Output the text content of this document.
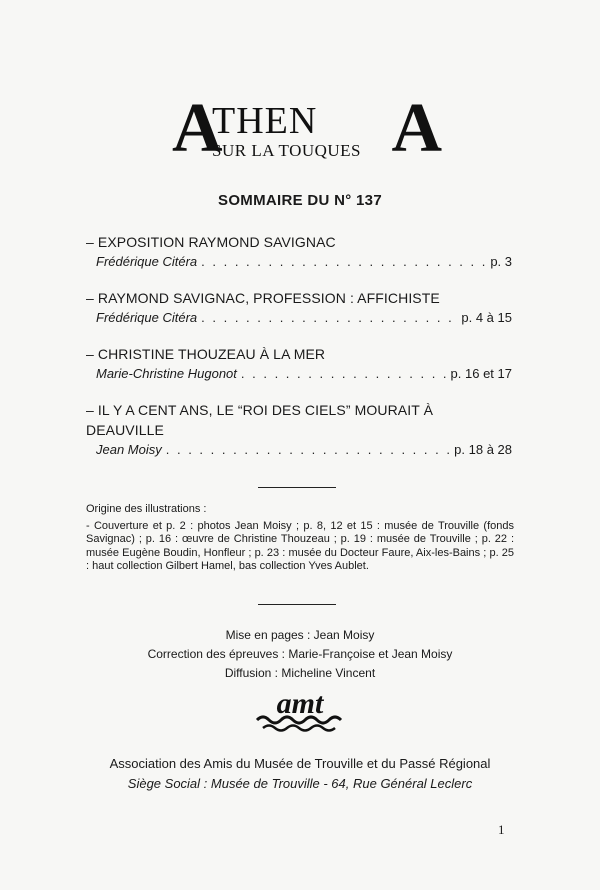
A
THEN
SUR LA TOUQUES A
SOMMAIRE DU N° 137
– EXPOSITION RAYMOND SAVIGNAC
Frédérique Citéra . . .	p. 3
– RAYMOND SAVIGNAC, PROFESSION : AFFICHISTE
Frédérique Citéra . . .	p. 4 à 15
– CHRISTINE THOUZEAU À LA MER
Marie-Christine Hugonot . . .	p. 16 et 17
– IL Y A CENT ANS, LE “ROI DES CIELS” MOURAIT À DEAUVILLE
Jean Moisy . . .	p. 18 à 28
Origine des illustrations :
- Couverture et p. 2 : photos Jean Moisy ; p. 8, 12 et 15 : musée de Trouville (fonds Savignac) ; p. 16 : œuvre de Christine Thouzeau ; p. 19 : musée de Trouville ; p. 22 : musée Eugène Boudin, Honfleur ; p. 23 : musée du Docteur Faure, Aix-les-Bains ; p. 25 : haut collection Gilbert Hamel, bas collection Yves Aublet.
Mise en pages : Jean Moisy
Correction des épreuves : Marie-Françoise et Jean Moisy
Diffusion : Micheline Vincent
amt
Association des Amis du Musée de Trouville et du Passé Régional
Siège Social : Musée de Trouville - 64, Rue Général Leclerc
1
